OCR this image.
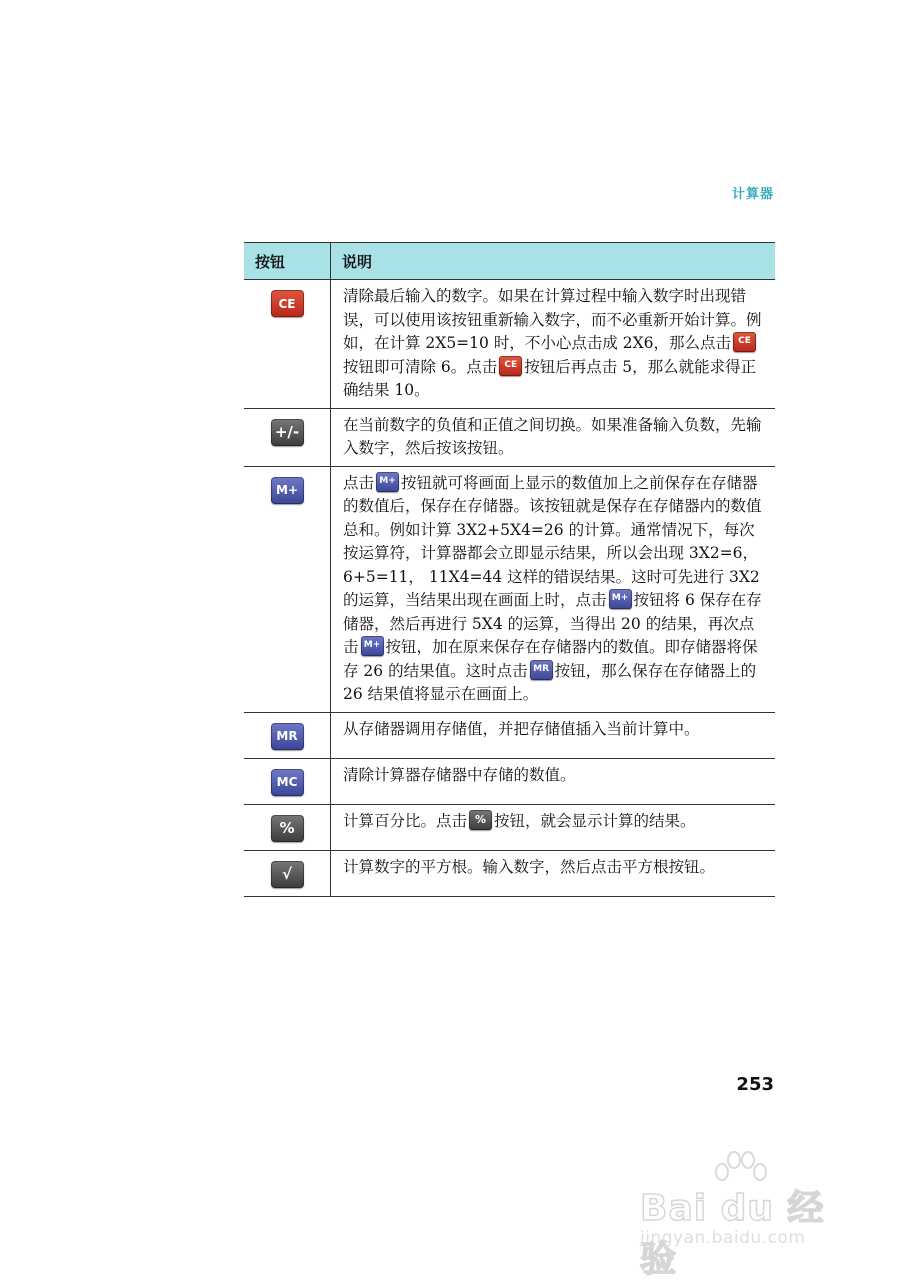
计算器
按钮	说明
CE	清除最后输入的数字。如果在计算过程中输入数字时出现错误，可以使用该按钮重新输入数字，而不必重新开始计算。例如，在计算 2X5=10 时，不小心点击成 2X6，那么点击 CE按钮即可清除 6。点击 CE 按钮后再点击 5，那么就能求得正确结果 10。
+/-	在当前数字的负值和正值之间切换。如果准备输入负数，先输入数字，然后按该按钮。
M+	点击 M+ 按钮就可将画面上显示的数值加上之前保存在存储器的数值后，保存在存储器。该按钮就是保存在存储器内的数值总和。例如计算 3X2+5X4=26 的计算。通常情况下，每次按运算符，计算器都会立即显示结果，所以会出现 3X2=6， 6+5=11， 11X4=44 这样的错误结果。这时可先进行 3X2 的运算，当结果出现在画面上时，点击 M+ 按钮将 6 保存在存储器，然后再进行 5X4 的运算，当得出 20 的结果，再次点击 M+ 按钮，加在原来保存在存储器内的数值。即存储器将保存 26 的结果值。这时点击 MR 按钮，那么保存在存储器上的 26 结果值将显示在画面上。
MR	从存储器调用存储值，并把存储值插入当前计算中。
MC	清除计算器存储器中存储的数值。
%	计算百分比。点击 % 按钮，就会显示计算的结果。
√	计算数字的平方根。输入数字，然后点击平方根按钮。
253
Bai du 经验
jingyan.baidu.com
